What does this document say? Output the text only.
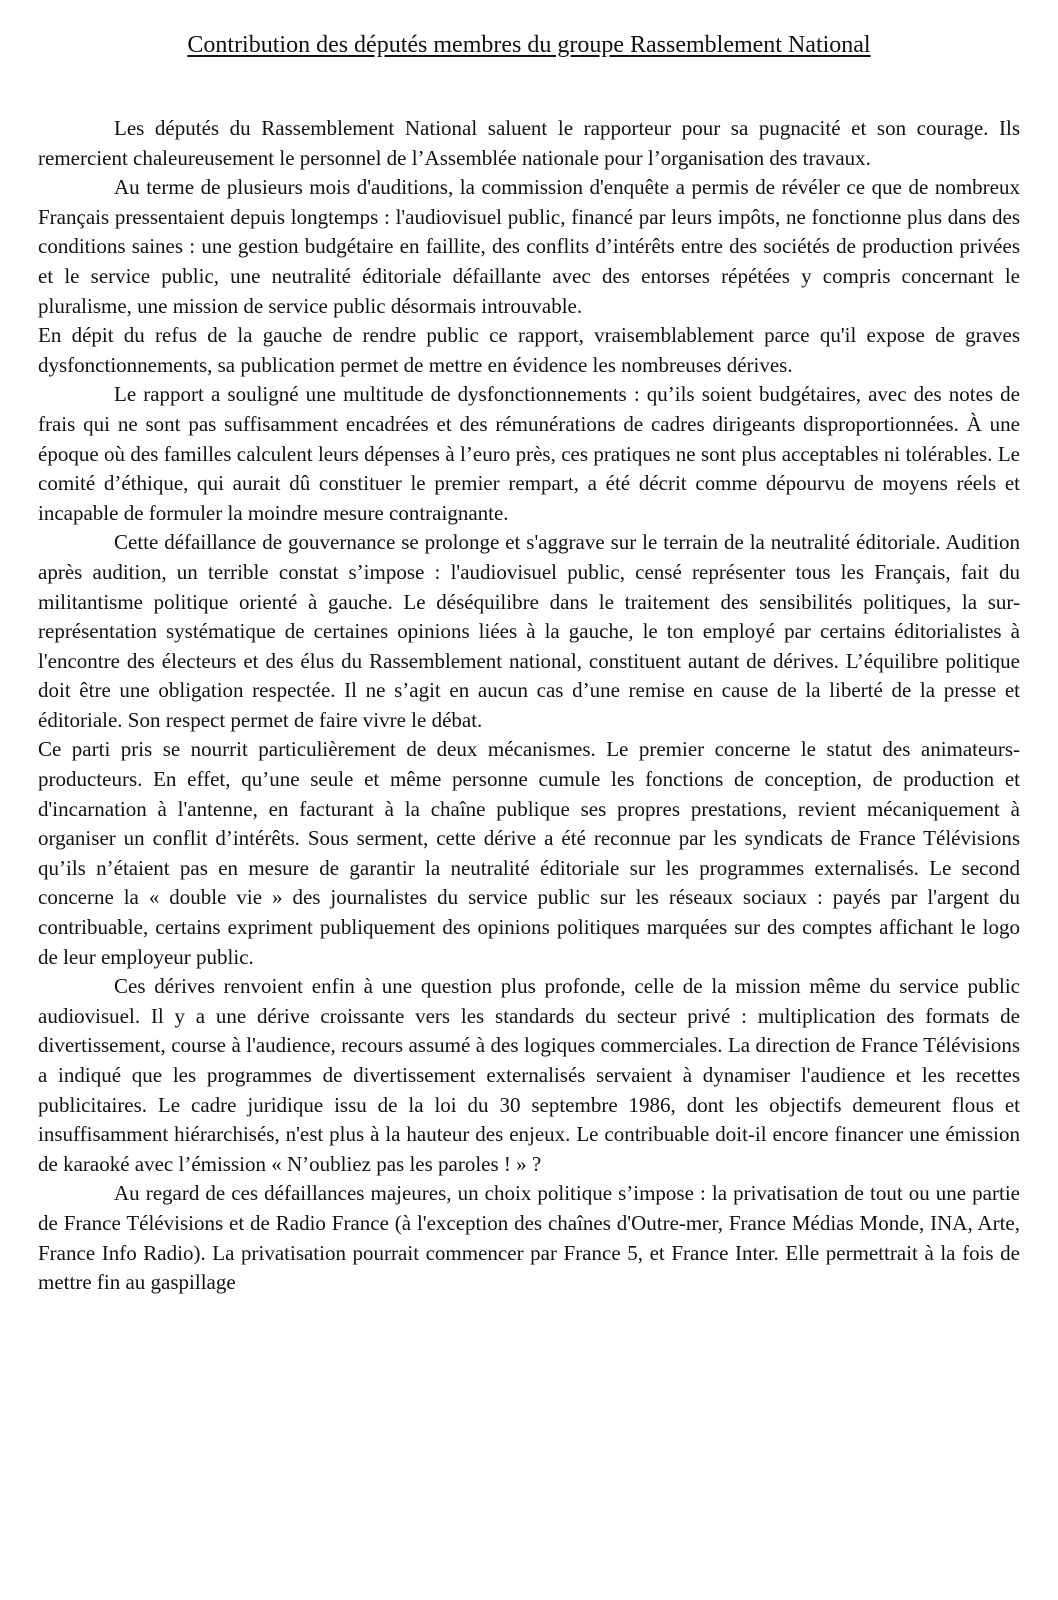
Contribution des députés membres du groupe Rassemblement National

Les députés du Rassemblement National saluent le rapporteur pour sa pugnacité et son courage. Ils remercient chaleureusement le personnel de l’Assemblée nationale pour l’organisation des travaux.

Au terme de plusieurs mois d'auditions, la commission d'enquête a permis de révéler ce que de nombreux Français pressentaient depuis longtemps : l'audiovisuel public, financé par leurs impôts, ne fonctionne plus dans des conditions saines : une gestion budgétaire en faillite, des conflits d’intérêts entre des sociétés de production privées et le service public, une neutralité éditoriale défaillante avec des entorses répétées y compris concernant le pluralisme, une mission de service public désormais introuvable.

En dépit du refus de la gauche de rendre public ce rapport, vraisemblablement parce qu'il expose de graves dysfonctionnements, sa publication permet de mettre en évidence les nombreuses dérives.

Le rapport a souligné une multitude de dysfonctionnements : qu’ils soient budgétaires, avec des notes de frais qui ne sont pas suffisamment encadrées et des rémunérations de cadres dirigeants disproportionnées. À une époque où des familles calculent leurs dépenses à l’euro près, ces pratiques ne sont plus acceptables ni tolérables. Le comité d’éthique, qui aurait dû constituer le premier rempart, a été décrit comme dépourvu de moyens réels et incapable de formuler la moindre mesure contraignante.

Cette défaillance de gouvernance se prolonge et s'aggrave sur le terrain de la neutralité éditoriale. Audition après audition, un terrible constat s’impose : l'audiovisuel public, censé représenter tous les Français, fait du militantisme politique orienté à gauche. Le déséquilibre dans le traitement des sensibilités politiques, la sur-représentation systématique de certaines opinions liées à la gauche, le ton employé par certains éditorialistes à l'encontre des électeurs et des élus du Rassemblement national, constituent autant de dérives. L’équilibre politique doit être une obligation respectée. Il ne s’agit en aucun cas d’une remise en cause de la liberté de la presse et éditoriale. Son respect permet de faire vivre le débat.

Ce parti pris se nourrit particulièrement de deux mécanismes. Le premier concerne le statut des animateurs-producteurs. En effet, qu’une seule et même personne cumule les fonctions de conception, de production et d'incarnation à l'antenne, en facturant à la chaîne publique ses propres prestations, revient mécaniquement à organiser un conflit d’intérêts. Sous serment, cette dérive a été reconnue par les syndicats de France Télévisions qu’ils n’étaient pas en mesure de garantir la neutralité éditoriale sur les programmes externalisés. Le second concerne la « double vie » des journalistes du service public sur les réseaux sociaux : payés par l'argent du contribuable, certains expriment publiquement des opinions politiques marquées sur des comptes affichant le logo de leur employeur public.

Ces dérives renvoient enfin à une question plus profonde, celle de la mission même du service public audiovisuel. Il y a une dérive croissante vers les standards du secteur privé : multiplication des formats de divertissement, course à l'audience, recours assumé à des logiques commerciales. La direction de France Télévisions a indiqué que les programmes de divertissement externalisés servaient à dynamiser l'audience et les recettes publicitaires. Le cadre juridique issu de la loi du 30 septembre 1986, dont les objectifs demeurent flous et insuffisamment hiérarchisés, n'est plus à la hauteur des enjeux. Le contribuable doit-il encore financer une émission de karaoké avec l’émission « N’oubliez pas les paroles ! » ?

Au regard de ces défaillances majeures, un choix politique s’impose : la privatisation de tout ou une partie de France Télévisions et de Radio France (à l'exception des chaînes d'Outre-mer, France Médias Monde, INA, Arte, France Info Radio). La privatisation pourrait commencer par France 5, et France Inter. Elle permettrait à la fois de mettre fin au gaspillage
